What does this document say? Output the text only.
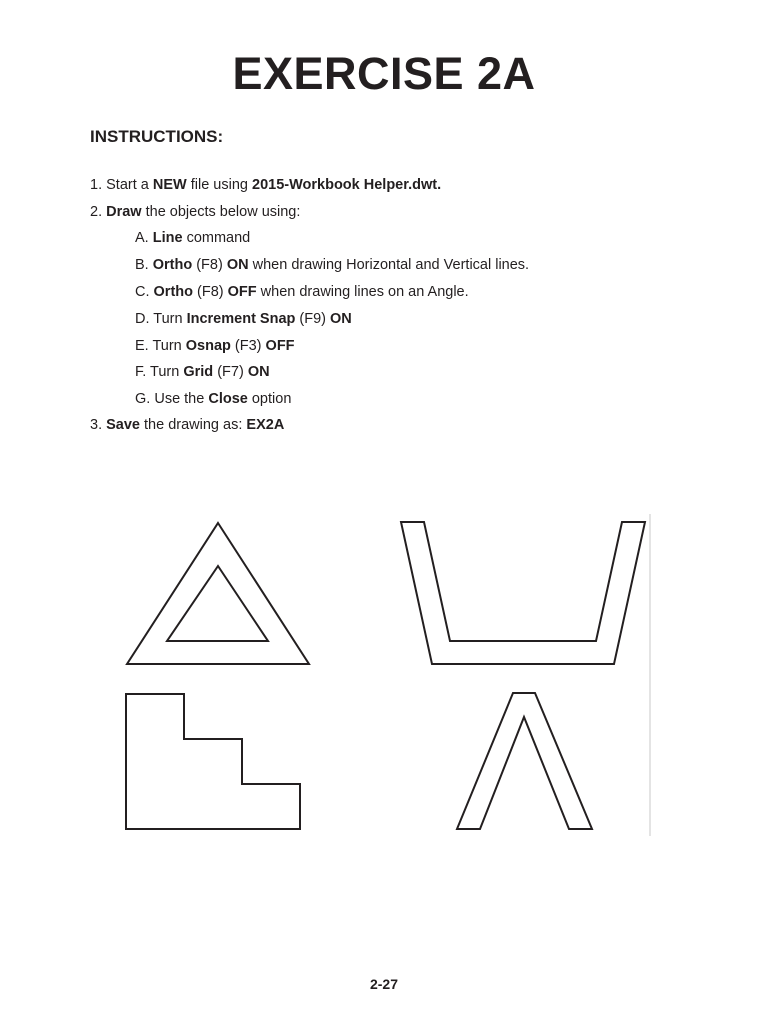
EXERCISE 2A
INSTRUCTIONS:
1. Start a NEW file using 2015-Workbook Helper.dwt.
2. Draw the objects below using:
A. Line command
B. Ortho (F8) ON when drawing Horizontal and Vertical lines.
C. Ortho (F8) OFF when drawing lines on an Angle.
D. Turn Increment Snap (F9) ON
E. Turn Osnap (F3) OFF
F. Turn Grid (F7) ON
G. Use the Close option
3. Save the drawing as: EX2A
2-27
